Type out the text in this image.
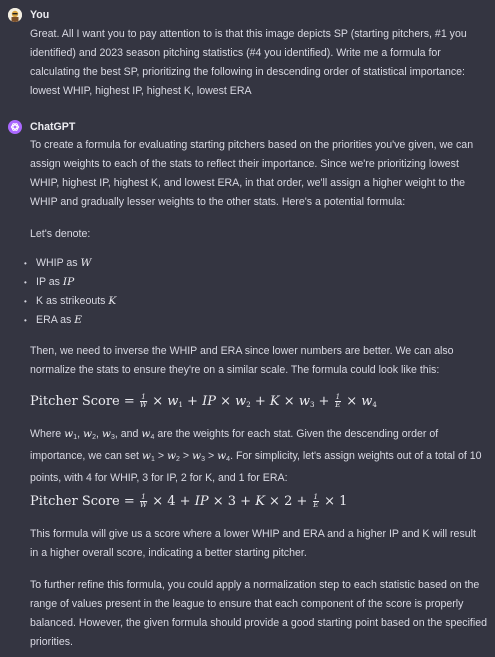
You

Great. All I want you to pay attention to is that this image depicts SP (starting pitchers, #1 you identified) and 2023 season pitching statistics (#4 you identified). Write me a formula for calculating the best SP, prioritizing the following in descending order of statistical importance: lowest WHIP, highest IP, highest K, lowest ERA

ChatGPT

To create a formula for evaluating starting pitchers based on the priorities you've given, we can assign weights to each of the stats to reflect their importance. Since we're prioritizing lowest WHIP, highest IP, highest K, and lowest ERA, in that order, we'll assign a higher weight to the WHIP and gradually lesser weights to the other stats. Here's a potential formula:

Let's denote:

• WHIP as W
• IP as IP
• K as strikeouts K
• ERA as E

Then, we need to inverse the WHIP and ERA since lower numbers are better. We can also normalize the stats to ensure they're on a similar scale. The formula could look like this:

Pitcher Score = $\frac{1}{W} \times w_1$ + IP × $w_2 + K \times w_3 + \frac{1}{E} \times w_4$

Where $w_1$, $w_2$, $w_3$, and $w_4$ are the weights for each stat. Given the descending order of importance, we can set $w_1 > w_2 > w_3 > w_4$. For simplicity, let's assign weights out of a total of 10 points, with 4 for WHIP, 3 for IP, 2 for K, and 1 for ERA:

Pitcher Score = $\frac{1}{W} \times 4$ + IP × $3 + K \times 2 + \frac{1}{E} \times 1$

This formula will give us a score where a lower WHIP and ERA and a higher IP and K will result in a higher overall score, indicating a better starting pitcher.

To further refine this formula, you could apply a normalization step to each statistic based on the range of values present in the league to ensure that each component of the score is properly balanced. However, the given formula should provide a good starting point based on the specified priorities.
